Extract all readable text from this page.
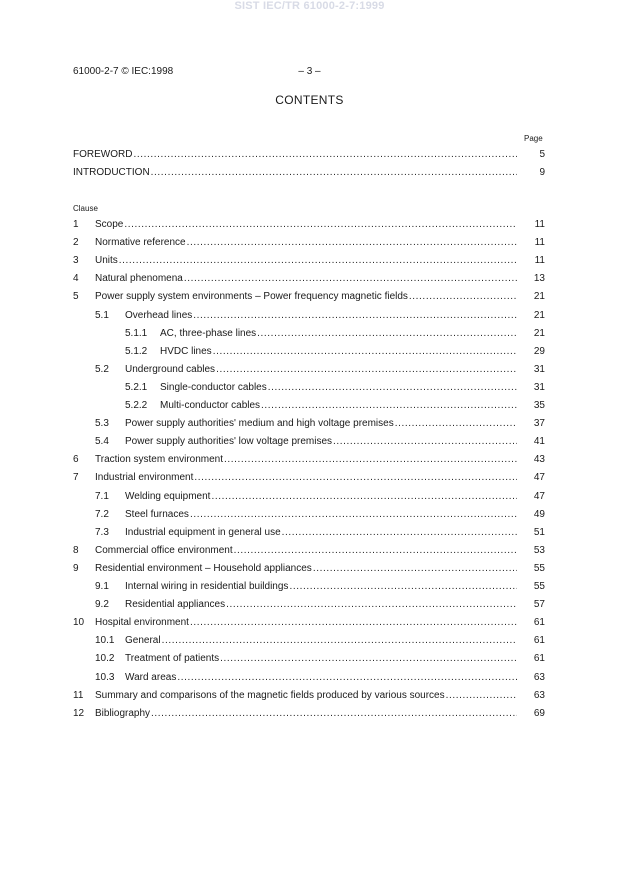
SIST IEC/TR 61000-2-7:1999
61000-2-7 © IEC:1998	– 3 –
CONTENTS
Page
FOREWORD .....	5
INTRODUCTION .....	9
Clause
1	Scope .....	11
2	Normative reference .....	11
3	Units .....	11
4	Natural phenomena .....	13
5	Power supply system environments – Power frequency magnetic fields .....	21
5.1	Overhead lines .....	21
5.1.1	AC, three-phase lines .....	21
5.1.2	HVDC lines .....	29
5.2	Underground cables .....	31
5.2.1	Single-conductor cables .....	31
5.2.2	Multi-conductor cables .....	35
5.3	Power supply authorities' medium and high voltage premises .....	37
5.4	Power supply authorities' low voltage premises .....	41
6	Traction system environment .....	43
7	Industrial environment .....	47
7.1	Welding equipment .....	47
7.2	Steel furnaces .....	49
7.3	Industrial equipment in general use .....	51
8	Commercial office environment .....	53
9	Residential environment – Household appliances .....	55
9.1	Internal wiring in residential buildings .....	55
9.2	Residential appliances .....	57
10	Hospital environment .....	61
10.1	General .....	61
10.2	Treatment of patients .....	61
10.3	Ward areas .....	63
11	Summary and comparisons of the magnetic fields produced by various sources .....	63
12	Bibliography .....	69
